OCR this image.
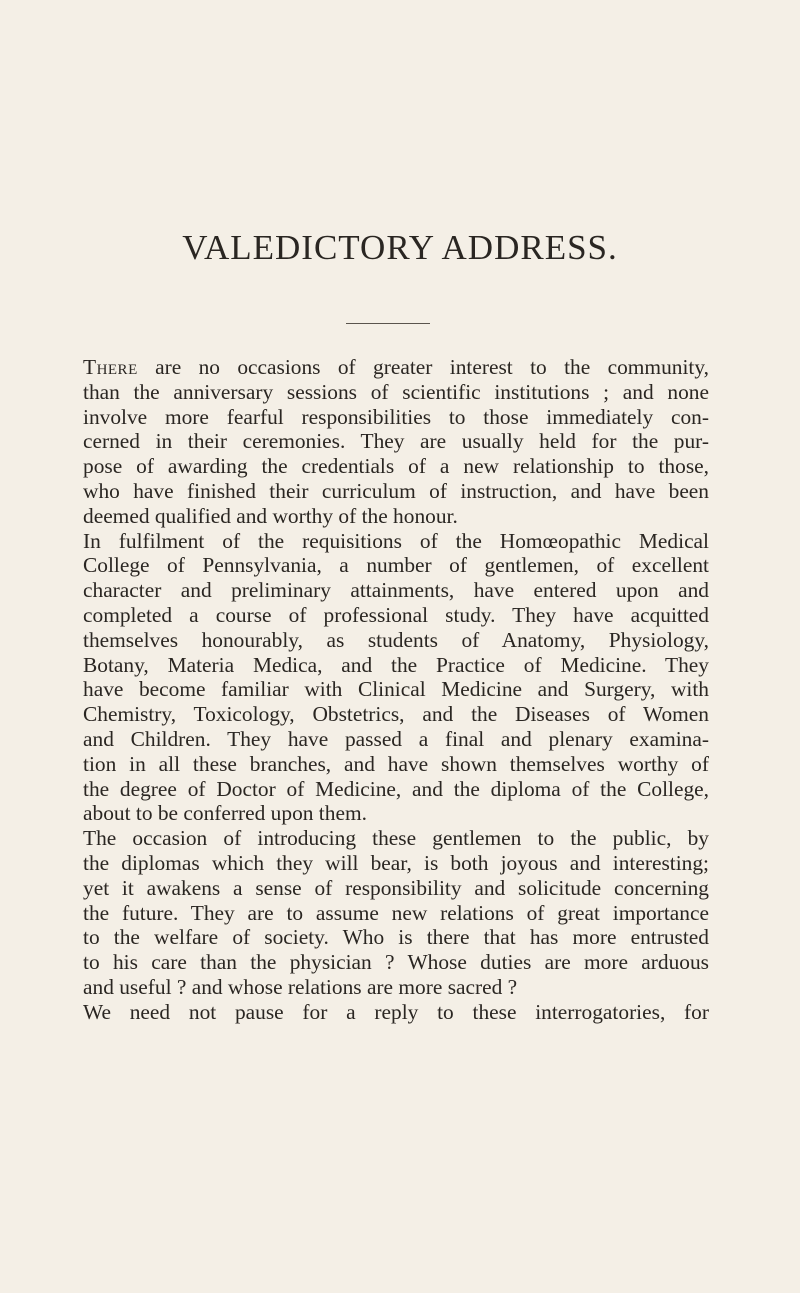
VALEDICTORY ADDRESS.
There are no occasions of greater interest to the community,
than the anniversary sessions of scientific institutions ; and none
involve more fearful responsibilities to those immediately con-
cerned in their ceremonies. They are usually held for the pur-
pose of awarding the credentials of a new relationship to those,
who have finished their curriculum of instruction, and have been
deemed qualified and worthy of the honour.
In fulfilment of the requisitions of the Homœopathic Medical
College of Pennsylvania, a number of gentlemen, of excellent
character and preliminary attainments, have entered upon and
completed a course of professional study. They have acquitted
themselves honourably, as students of Anatomy, Physiology,
Botany, Materia Medica, and the Practice of Medicine. They
have become familiar with Clinical Medicine and Surgery, with
Chemistry, Toxicology, Obstetrics, and the Diseases of Women
and Children. They have passed a final and plenary examina-
tion in all these branches, and have shown themselves worthy of
the degree of Doctor of Medicine, and the diploma of the College,
about to be conferred upon them.
The occasion of introducing these gentlemen to the public, by
the diplomas which they will bear, is both joyous and interesting;
yet it awakens a sense of responsibility and solicitude concerning
the future. They are to assume new relations of great importance
to the welfare of society. Who is there that has more entrusted
to his care than the physician ? Whose duties are more arduous
and useful ? and whose relations are more sacred ?
We need not pause for a reply to these interrogatories, for
